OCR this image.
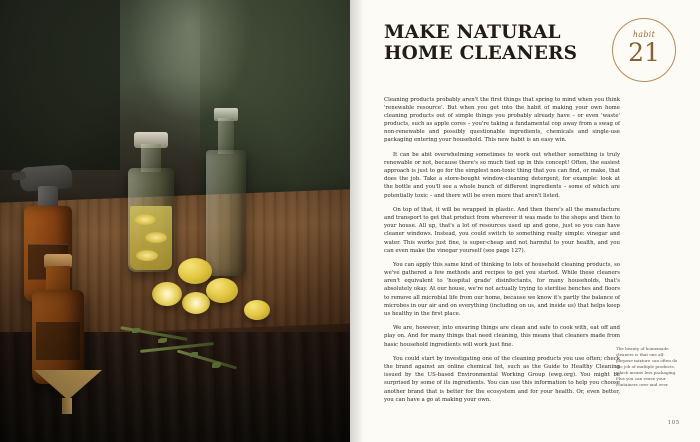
MAKE NATURAL HOME CLEANERS
habit
21

Cleaning products probably aren't the first things that spring to mind when you think 'renewable resource'. But when you get into the habit of making your own home cleaning products out of simple things you probably already have – or even 'waste' products, such as apple cores – you're taking a fundamental cop away from a swag of non-renewable and possibly questionable ingredients, chemicals and single-use packaging entering your household. This new habit is an easy win.

It can be abit overwhelming sometimes to work out whether something is truly renewable or not, because there's so much tied up in this concept! Often, the easiest approach is just to go for the simplest non-toxic thing that you can find, or make, that does the job. Take a store-bought window-cleaning detergent, for example: look at the bottle and you'll see a whole bunch of different ingredients – some of which are potentially toxic – and there will be even more that aren't listed.

On top of that, it will be wrapped in plastic. And then there's all the manufacture and transport to get that product from wherever it was made to the shops and then to your house. All up, that's a lot of resources used up and gone, just so you can have cleaner windows. Instead, you could switch to something really simple: vinegar and water. This works just fine, is super-cheap and not harmful to your health, and you can even make the vinegar yourself (see page 127).

You can apply this same kind of thinking to lots of household cleaning products, so we've gathered a few methods and recipes to get you started. While these cleaners aren't equivalent to 'hospital grade' disinfectants, for many households, that's absolutely okay. At our house, we're not actually trying to sterilise benches and floors to remove all microbial life from our home, because we know it's partly the balance of microbes in our air and on everything (including on us, and inside us) that helps keep us healthy in the first place.

We are, however, into ensuring things are clean and safe to cook with, eat off and play on. And for many things that need cleaning, this means that cleaners made from basic household ingredients will work just fine.

You could start by investigating one of the cleaning products you use often; check the brand against an online chemical list, such as the Guide to Healthy Cleaning issued by the US-based Environmental Working Group (ewg.org). You might be surprised by some of its ingredients. You can use this information to help you choose another brand that is better for the ecosystem and for your health. Or, even better, you can have a go at making your own.

The beauty of homemade cleaners is that one all-purpose mixture can often do the job of multiple products, which means less packaging. Plus you can reuse your containers over and over.
105
